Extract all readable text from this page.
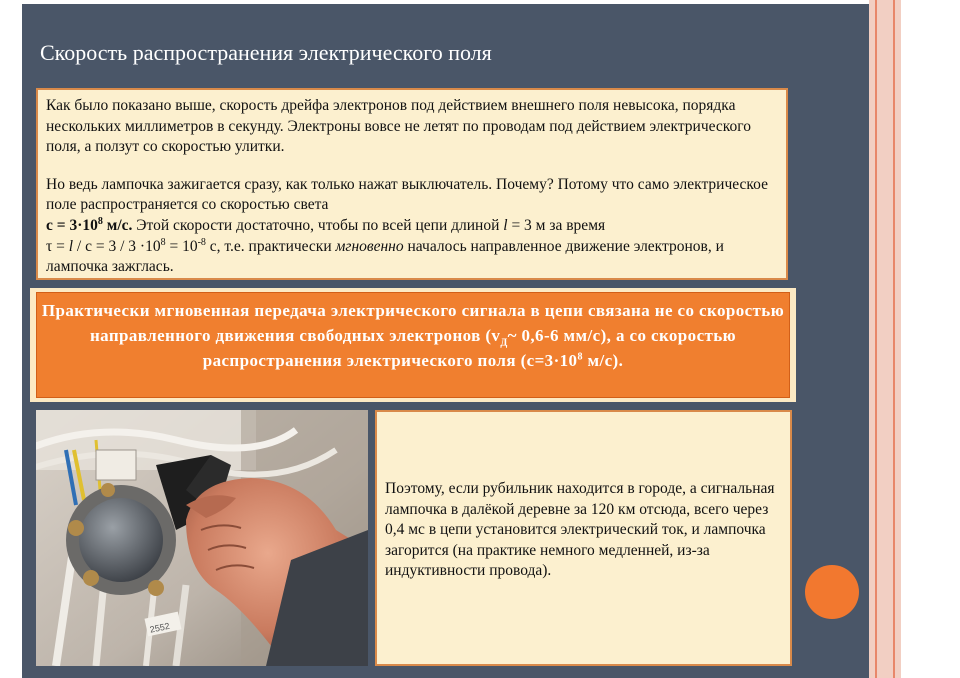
Скорость распространения электрического поля

Как было показано выше, скорость дрейфа электронов под действием внешнего поля невысока, порядка нескольких миллиметров в секунду. Электроны вовсе не летят по проводам под действием электрического поля, а ползут со скоростью улитки.

Но ведь лампочка зажигается сразу, как только нажат выключатель. Почему? Потому что само электрическое поле распространяется со скоростью света
$c = 3\cdot 10^8$ м/с. Этой скорости достаточно, чтобы по всей цепи длиной l = 3 м за время
$\tau = l / c = 3 / 3 \cdot 10^8 = 10^{-8}$ с, т.е. практически мгновенно началось направленное движение электронов, и лампочка зажглась.

Практически мгновенная передача электрического сигнала в цепи связана не со скоростью направленного движения свободных электронов ($v_Д\sim$ 0,6-6 мм/с), а со скоростью распространения электрического поля ($с=3\cdot 10^8$ м/с).
2552
Поэтому, если рубильник находится в городе, а сигнальная лампочка в далёкой деревне за 120 км отсюда, всего через 0,4 мс в цепи установится электрический ток, и лампочка загорится (на практике немного медленней, из-за индуктивности провода).
